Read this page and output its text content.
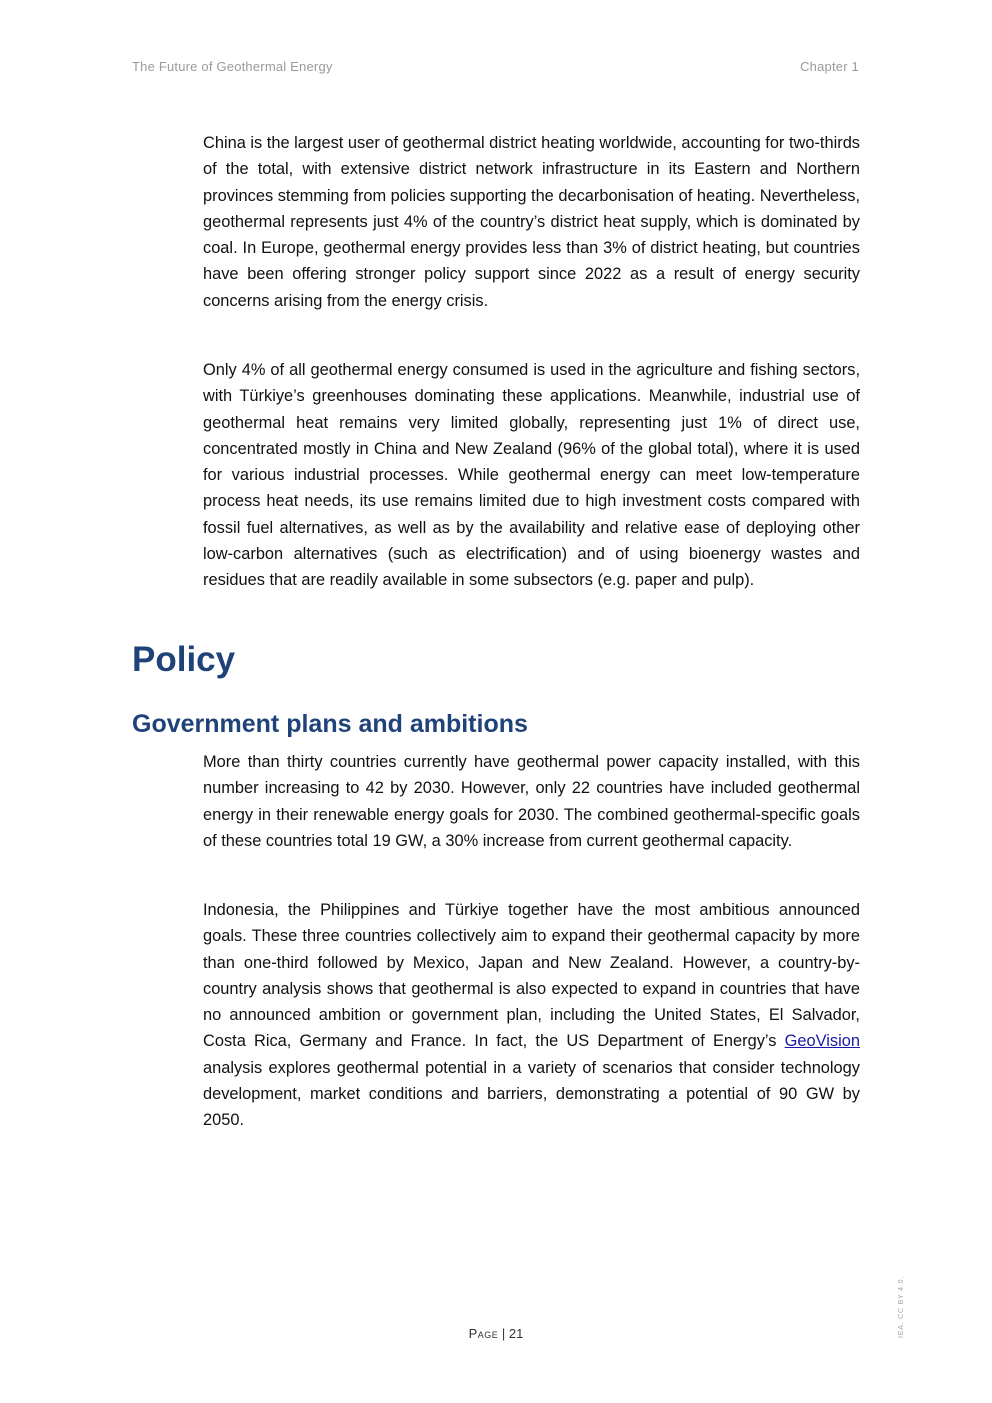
The Future of Geothermal Energy	Chapter 1

China is the largest user of geothermal district heating worldwide, accounting for two-thirds of the total, with extensive district network infrastructure in its Eastern and Northern provinces stemming from policies supporting the decarbonisation of heating. Nevertheless, geothermal represents just 4% of the country’s district heat supply, which is dominated by coal. In Europe, geothermal energy provides less than 3% of district heating, but countries have been offering stronger policy support since 2022 as a result of energy security concerns arising from the energy crisis.

Only 4% of all geothermal energy consumed is used in the agriculture and fishing sectors, with Türkiye’s greenhouses dominating these applications. Meanwhile, industrial use of geothermal heat remains very limited globally, representing just 1% of direct use, concentrated mostly in China and New Zealand (96% of the global total), where it is used for various industrial processes. While geothermal energy can meet low-temperature process heat needs, its use remains limited due to high investment costs compared with fossil fuel alternatives, as well as by the availability and relative ease of deploying other low-carbon alternatives (such as electrification) and of using bioenergy wastes and residues that are readily available in some subsectors (e.g. paper and pulp).

Policy
Government plans and ambitions

More than thirty countries currently have geothermal power capacity installed, with this number increasing to 42 by 2030. However, only 22 countries have included geothermal energy in their renewable energy goals for 2030. The combined geothermal-specific goals of these countries total 19 GW, a 30% increase from current geothermal capacity.

Indonesia, the Philippines and Türkiye together have the most ambitious announced goals. These three countries collectively aim to expand their geothermal capacity by more than one-third followed by Mexico, Japan and New Zealand. However, a country-by-country analysis shows that geothermal is also expected to expand in countries that have no announced ambition or government plan, including the United States, El Salvador, Costa Rica, Germany and France. In fact, the US Department of Energy’s GeoVision analysis explores geothermal potential in a variety of scenarios that consider technology development, market conditions and barriers, demonstrating a potential of 90 GW by 2050.

Page | 21	IEA. CC BY 4.0.
